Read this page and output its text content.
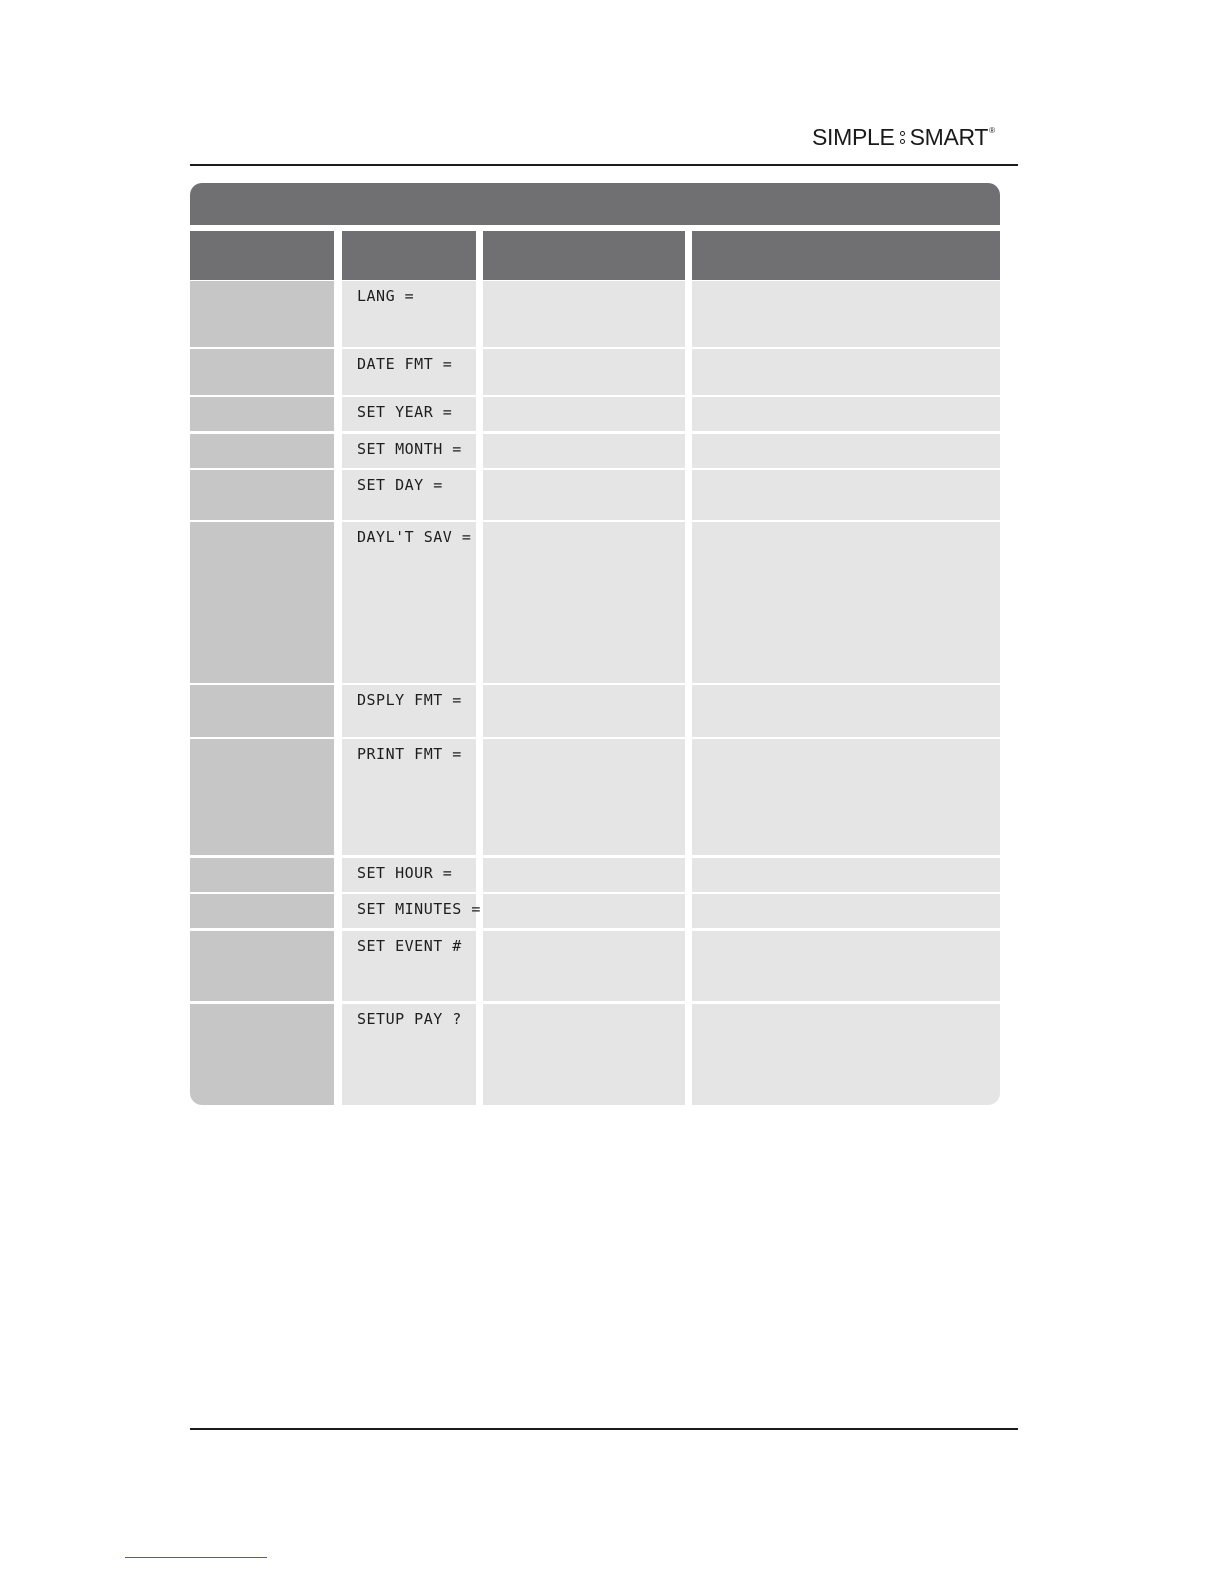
SIMPLE SMART ®
LANG =
DATE FMT =
SET YEAR =
SET MONTH =
SET DAY =
DAYL'T SAV =
DSPLY FMT =
PRINT FMT =
SET HOUR =
SET MINUTES =
SET EVENT #
SETUP PAY ?
